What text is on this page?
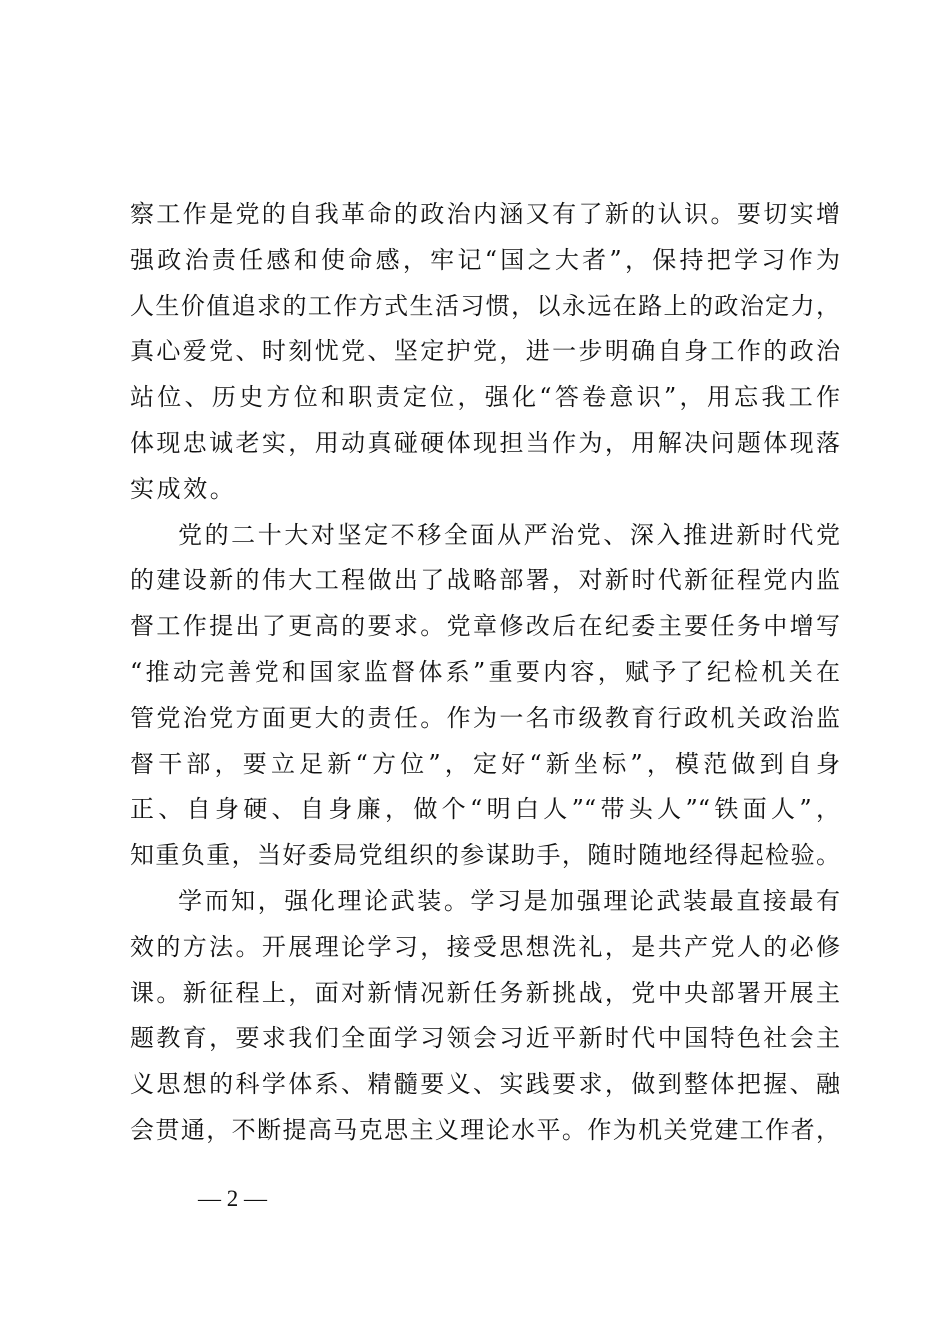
察工作是党的自我革命的政治内涵又有了新的认识。要切实增
强政治责任感和使命感，牢记“国之大者”，保持把学习作为
人生价值追求的工作方式生活习惯，以永远在路上的政治定力，
真心爱党、时刻忧党、坚定护党，进一步明确自身工作的政治
站位、历史方位和职责定位，强化“答卷意识”，用忘我工作
体现忠诚老实，用动真碰硬体现担当作为，用解决问题体现落
实成效。
党的二十大对坚定不移全面从严治党、深入推进新时代党
的建设新的伟大工程做出了战略部署，对新时代新征程党内监
督工作提出了更高的要求。党章修改后在纪委主要任务中增写
“推动完善党和国家监督体系”重要内容，赋予了纪检机关在
管党治党方面更大的责任。作为一名市级教育行政机关政治监
督干部，要立足新“方位”，定好“新坐标”，模范做到自身
正、自身硬、自身廉，做个“明白人”“带头人”“铁面人”，
知重负重，当好委局党组织的参谋助手，随时随地经得起检验。
学而知，强化理论武装。学习是加强理论武装最直接最有
效的方法。开展理论学习，接受思想洗礼，是共产党人的必修
课。新征程上，面对新情况新任务新挑战，党中央部署开展主
题教育，要求我们全面学习领会习近平新时代中国特色社会主
义思想的科学体系、精髓要义、实践要求，做到整体把握、融
会贯通，不断提高马克思主义理论水平。作为机关党建工作者，
— 2 —
